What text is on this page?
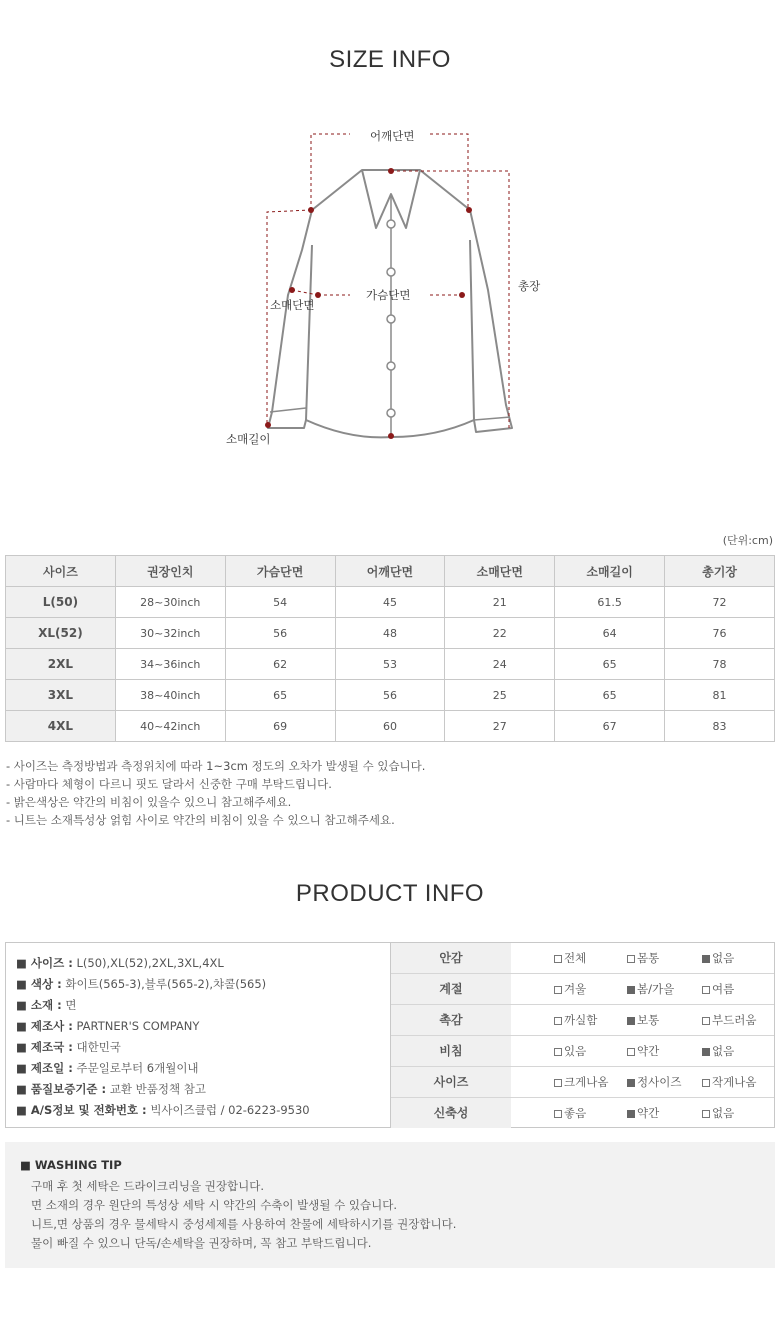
SIZE INFO
어깨단면
가슴단면
소매단면
소매길이
총장
(단위:cm)
사이즈	권장인치	가슴단면	어깨단면	소매단면	소매길이	총기장
L(50)	28~30inch	54	45	21	61.5	72
XL(52)	30~32inch	56	48	22	64	76
2XL	34~36inch	62	53	24	65	78
3XL	38~40inch	65	56	25	65	81
4XL	40~42inch	69	60	27	67	83
- 사이즈는 측정방법과 측정위치에 따라 1~3cm 정도의 오차가 발생될 수 있습니다.
- 사람마다 체형이 다르니 핏도 달라서 신중한 구매 부탁드립니다.
- 밝은색상은 약간의 비침이 있을수 있으니 참고해주세요.
- 니트는 소재특성상 얽힘 사이로 약간의 비침이 있을 수 있으니 참고해주세요.
PRODUCT INFO
■ 사이즈 : L(50),XL(52),2XL,3XL,4XL
■ 색상 : 화이트(565-3),블루(565-2),챠콜(565)
■ 소재 : 면
■ 제조사 : PARTNER'S COMPANY
■ 제조국 : 대한민국
■ 제조일 : 주문일로부터 6개월이내
■ 품질보증기준 : 교환 반품정책 참고
■ A/S정보 및 전화번호 : 빅사이즈클럽 / 02-6223-9530
안감	전체	몸통	없음
계절	겨울	봄/가을	여름
촉감	까실함	보통	부드러움
비침	있음	약간	없음
사이즈	크게나옴	정사이즈	작게나옴
신축성	좋음	약간	없음
■ WASHING TIP
구매 후 첫 세탁은 드라이크리닝을 권장합니다.
면 소재의 경우 원단의 특성상 세탁 시 약간의 수축이 발생될 수 있습니다.
니트,면 상품의 경우 물세탁시 중성세제를 사용하여 찬물에 세탁하시기를 권장합니다.
물이 빠질 수 있으니 단독/손세탁을 권장하며, 꼭 참고 부탁드립니다.
